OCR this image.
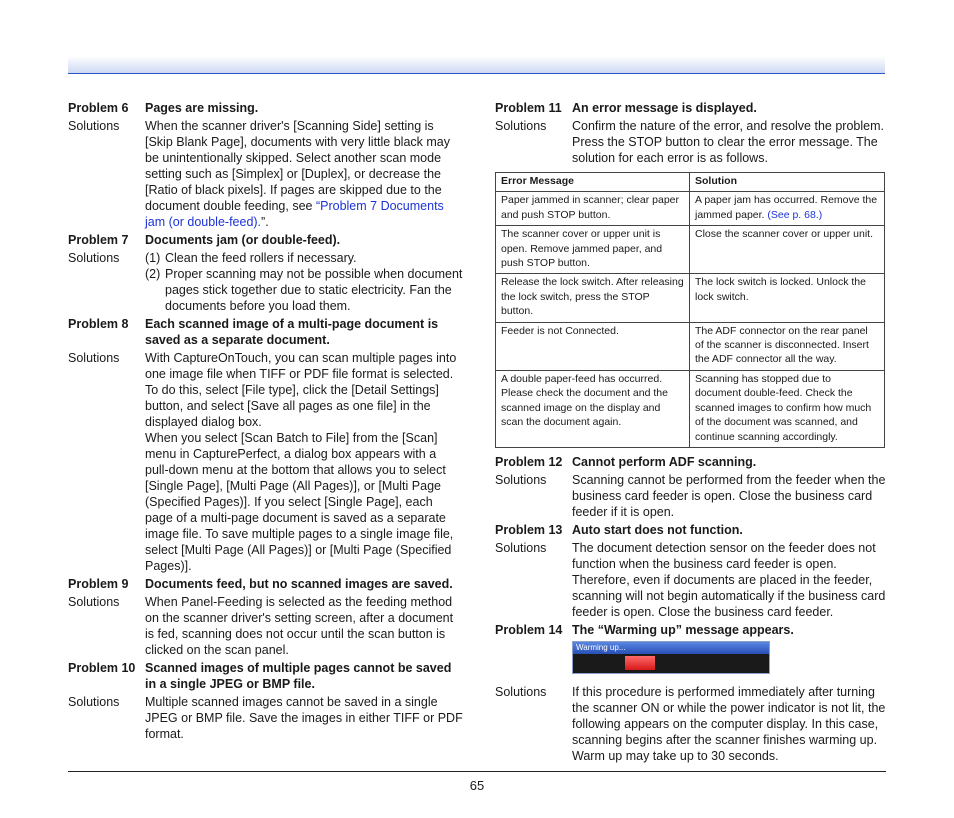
Problem 6	Pages are missing.
Solutions	When the scanner driver's [Scanning Side] setting is [Skip Blank Page], documents with very little black may be unintentionally skipped. Select another scan mode setting such as [Simplex] or [Duplex], or decrease the [Ratio of black pixels]. If pages are skipped due to the document double feeding, see “Problem 7 Documents jam (or double-feed).”.

Problem 7	Documents jam (or double-feed).
Solutions	(1) Clean the feed rollers if necessary.
(2) Proper scanning may not be possible when document pages stick together due to static electricity. Fan the documents before you load them.
Problem 8	Each scanned image of a multi-page document is saved as a separate document.
Solutions	With CaptureOnTouch, you can scan multiple pages into one image file when TIFF or PDF file format is selected. To do this, select [File type], click the [Detail Settings] button, and select [Save all pages as one file] in the displayed dialog box.

When you select [Scan Batch to File] from the [Scan] menu in CapturePerfect, a dialog box appears with a pull-down menu at the bottom that allows you to select [Single Page], [Multi Page (All Pages)], or [Multi Page (Specified Pages)]. If you select [Single Page], each page of a multi-page document is saved as a separate image file. To save multiple pages to a single image file, select [Multi Page (All Pages)] or [Multi Page (Specified Pages)].

Problem 9	Documents feed, but no scanned images are saved.
Solutions	When Panel-Feeding is selected as the feeding method on the scanner driver's setting screen, after a document is fed, scanning does not occur until the scan button is clicked on the scan panel.

Problem 10 Scanned images of multiple pages cannot be saved in a single JPEG or BMP file.
Solutions	Multiple scanned images cannot be saved in a single JPEG or BMP file. Save the images in either TIFF or PDF format.

Problem 11 An error message is displayed.
Solutions	Confirm the nature of the error, and resolve the problem. Press the STOP button to clear the error message. The solution for each error is as follows.

Error Message	Solution
Paper jammed in scanner; clear paper and push STOP button.	A paper jam has occurred. Remove the jammed paper. (See p. 68.)
The scanner cover or upper unit is open. Remove jammed paper, and push STOP button.	Close the scanner cover or upper unit.
Release the lock switch. After releasing the lock switch, press the STOP button.	The lock switch is locked. Unlock the lock switch.
Feeder is not Connected.	The ADF connector on the rear panel of the scanner is disconnected. Insert the ADF connector all the way.
A double paper-feed has occurred. Please check the document and the scanned image on the display and scan the document again.	Scanning has stopped due to document double-feed. Check the scanned images to confirm how much of the document was scanned, and continue scanning accordingly.
Problem 12 Cannot perform ADF scanning.
Solutions	Scanning cannot be performed from the feeder when the business card feeder is open. Close the business card feeder if it is open.

Problem 13 Auto start does not function.
Solutions	The document detection sensor on the feeder does not function when the business card feeder is open.

Therefore, even if documents are placed in the feeder, scanning will not begin automatically if the business card feeder is open. Close the business card feeder.

Problem 14 The “Warming up” message appears.
Warming up...
Solutions	If this procedure is performed immediately after turning the scanner ON or while the power indicator is not lit, the following appears on the computer display. In this case, scanning begins after the scanner finishes warming up. Warm up may take up to 30 seconds.

65
